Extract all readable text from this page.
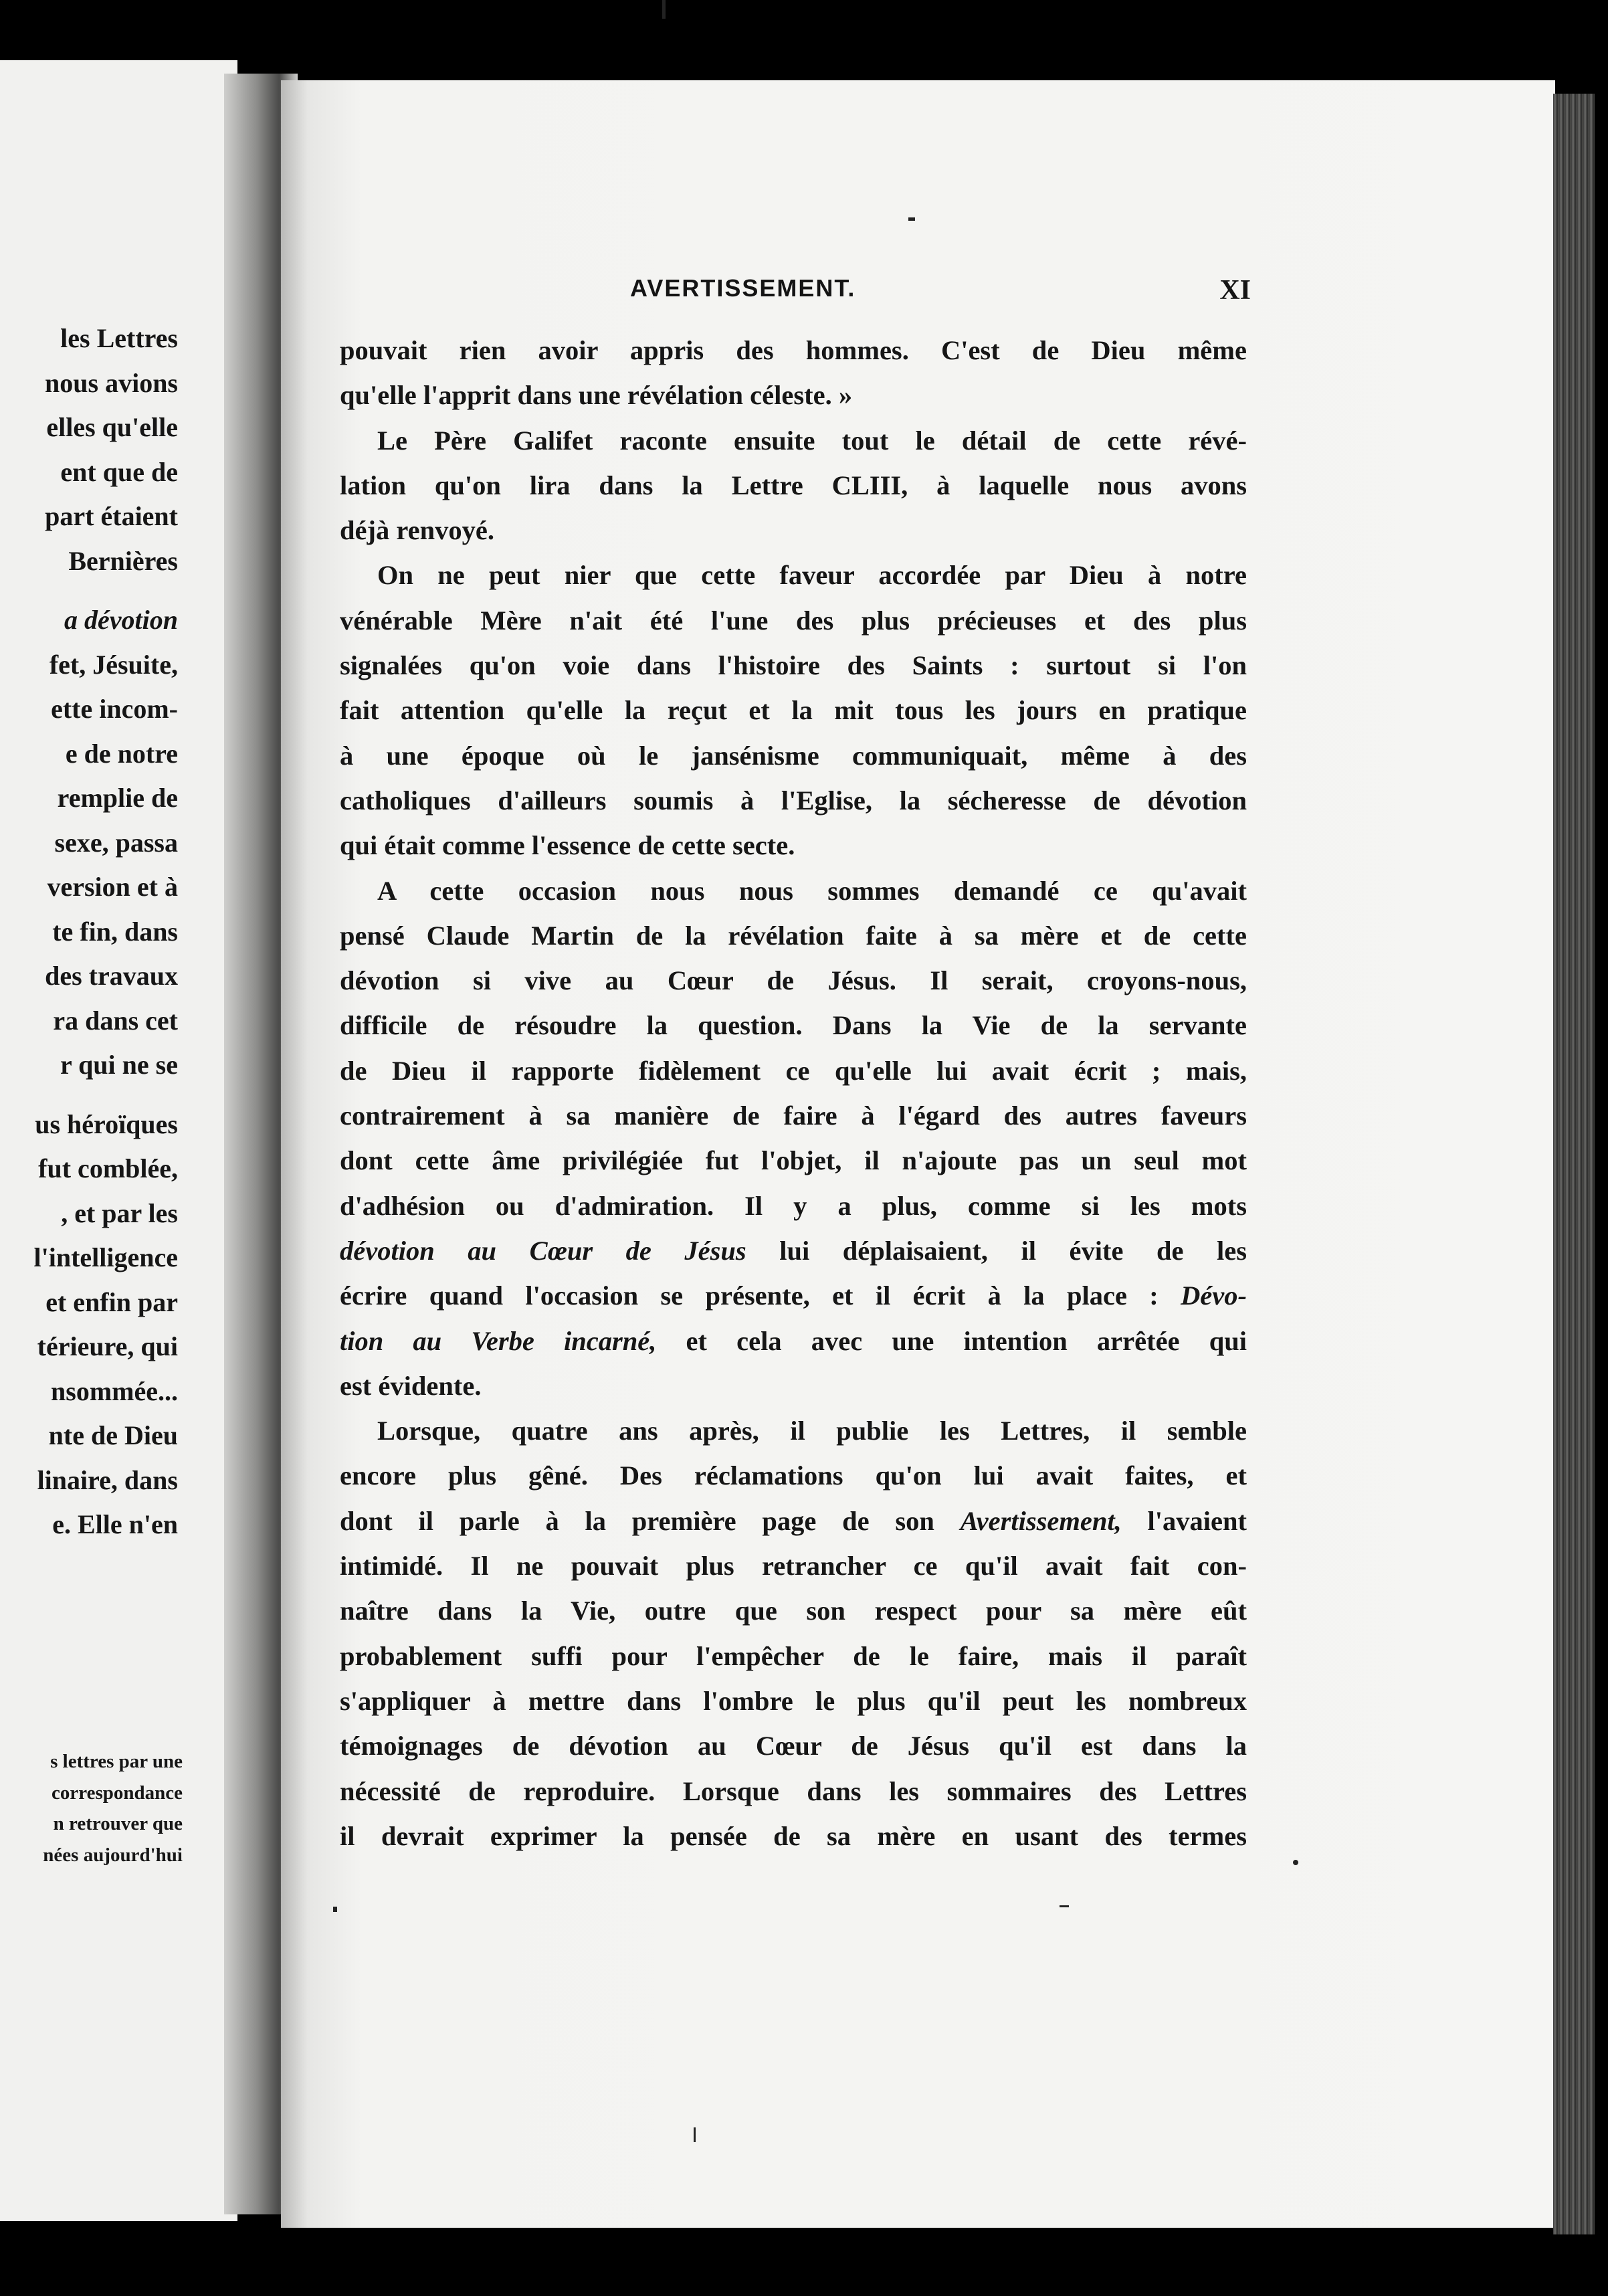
les Lettres
nous avions
elles qu'elle
ent que de
part étaient
Bernières
a dévotion
fet, Jésuite,
ette incom-
e de notre
remplie de
sexe, passa
version et à
te fin, dans
des travaux
ra dans cet
r qui ne se
us héroïques
fut comblée,
, et par les
l'intelligence
et enfin par
térieure, qui
nsommée...
nte de Dieu
linaire, dans
e. Elle n'en
s lettres par une
correspondance
n retrouver que
nées aujourd'hui
AVERTISSEMENT.	XI
pouvait rien avoir appris des hommes. C'est de Dieu même
qu'elle l'apprit dans une révélation céleste. »
Le Père Galifet raconte ensuite tout le détail de cette révé-
lation qu'on lira dans la Lettre CLIII, à laquelle nous avons
déjà renvoyé.
On ne peut nier que cette faveur accordée par Dieu à notre
vénérable Mère n'ait été l'une des plus précieuses et des plus
signalées qu'on voie dans l'histoire des Saints : surtout si l'on
fait attention qu'elle la reçut et la mit tous les jours en pratique
à une époque où le jansénisme communiquait, même à des
catholiques d'ailleurs soumis à l'Eglise, la sécheresse de dévotion
qui était comme l'essence de cette secte.
A cette occasion nous nous sommes demandé ce qu'avait
pensé Claude Martin de la révélation faite à sa mère et de cette
dévotion si vive au Cœur de Jésus. Il serait, croyons-nous,
difficile de résoudre la question. Dans la Vie de la servante
de Dieu il rapporte fidèlement ce qu'elle lui avait écrit ; mais,
contrairement à sa manière de faire à l'égard des autres faveurs
dont cette âme privilégiée fut l'objet, il n'ajoute pas un seul mot
d'adhésion ou d'admiration. Il y a plus, comme si les mots
dévotion au Cœur de Jésus lui déplaisaient, il évite de les
écrire quand l'occasion se présente, et il écrit à la place : Dévo-
tion au Verbe incarné, et cela avec une intention arrêtée qui
est évidente.
Lorsque, quatre ans après, il publie les Lettres, il semble
encore plus gêné. Des réclamations qu'on lui avait faites, et
dont il parle à la première page de son Avertissement, l'avaient
intimidé. Il ne pouvait plus retrancher ce qu'il avait fait con-
naître dans la Vie, outre que son respect pour sa mère eût
probablement suffi pour l'empêcher de le faire, mais il paraît
s'appliquer à mettre dans l'ombre le plus qu'il peut les nombreux
témoignages de dévotion au Cœur de Jésus qu'il est dans la
nécessité de reproduire. Lorsque dans les sommaires des Lettres
il devrait exprimer la pensée de sa mère en usant des termes
